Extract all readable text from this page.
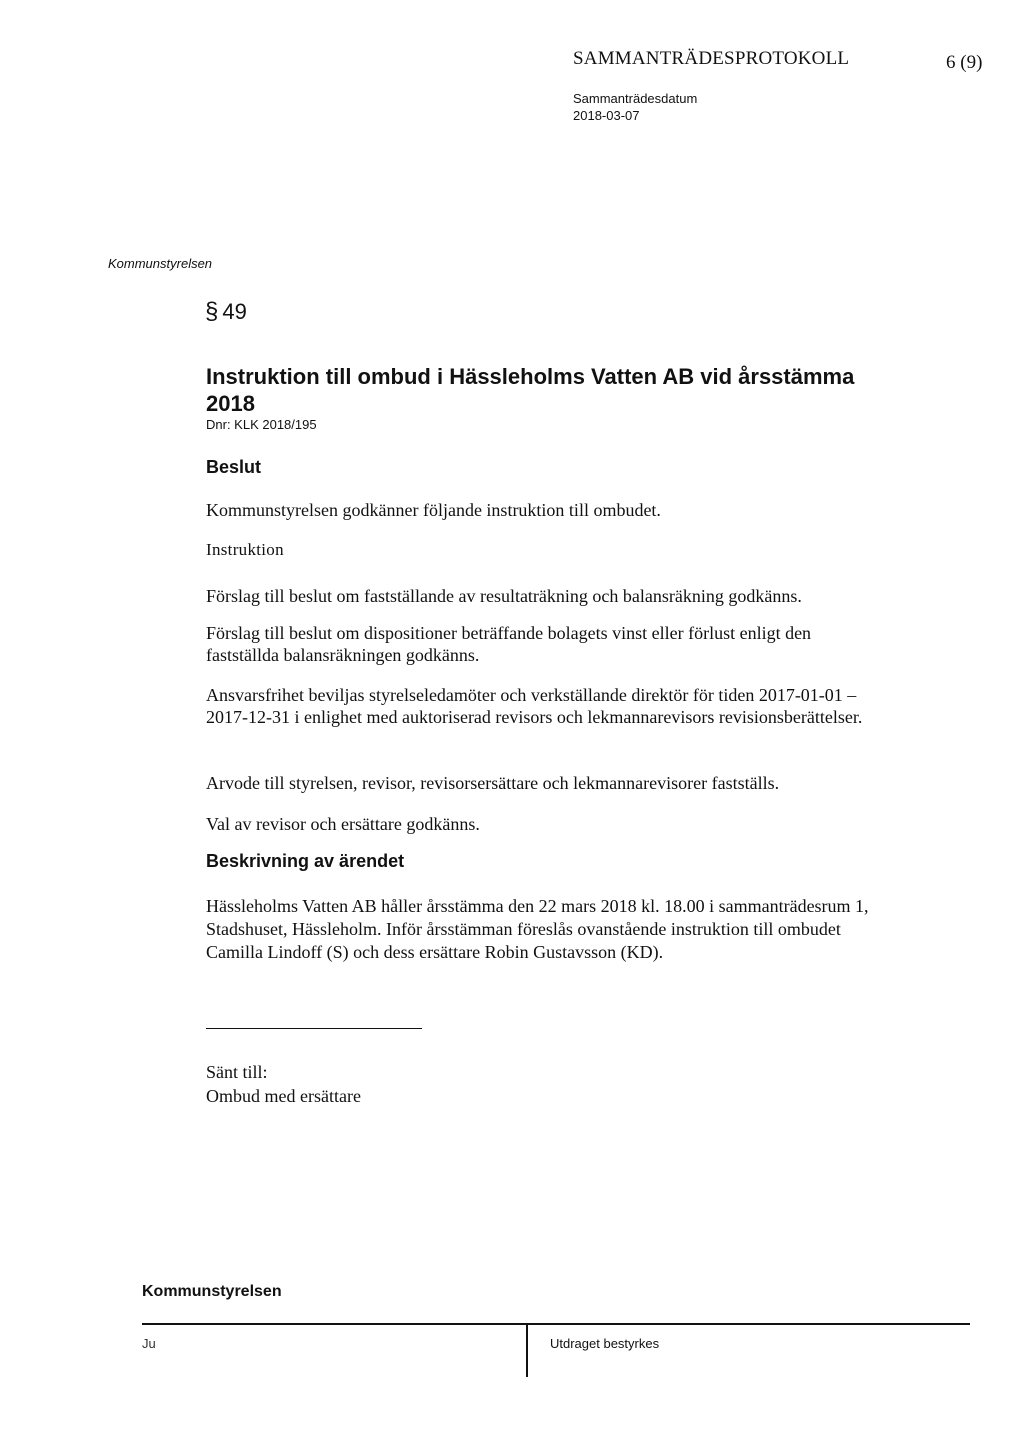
SAMMANTRÄDESPROTOKOLL	6 (9)
Sammanträdesdatum
2018-03-07
Kommunstyrelsen
§ 49
Instruktion till ombud i Hässleholms Vatten AB vid årsstämma 2018
Dnr: KLK 2018/195
Beslut

Kommunstyrelsen godkänner följande instruktion till ombudet.

Instruktion

Förslag till beslut om fastställande av resultaträkning och balansräkning godkänns.

Förslag till beslut om dispositioner beträffande bolagets vinst eller förlust enligt den fastställda balansräkningen godkänns.

Ansvarsfrihet beviljas styrelseledamöter och verkställande direktör för tiden 2017-01-01 – 2017-12-31 i enlighet med auktoriserad revisors och lekmannarevisors revisionsberättelser.

Arvode till styrelsen, revisor, revisorsersättare och lekmannarevisorer fastställs.

Val av revisor och ersättare godkänns.

Beskrivning av ärendet

Hässleholms Vatten AB håller årsstämma den 22 mars 2018 kl. 18.00 i sammanträdesrum 1, Stadshuset, Hässleholm. Inför årsstämman föreslås ovanstående instruktion till ombudet Camilla Lindoff (S) och dess ersättare Robin Gustavsson (KD).

Sänt till:
Ombud med ersättare
Kommunstyrelsen
Ju	Utdraget bestyrkes
